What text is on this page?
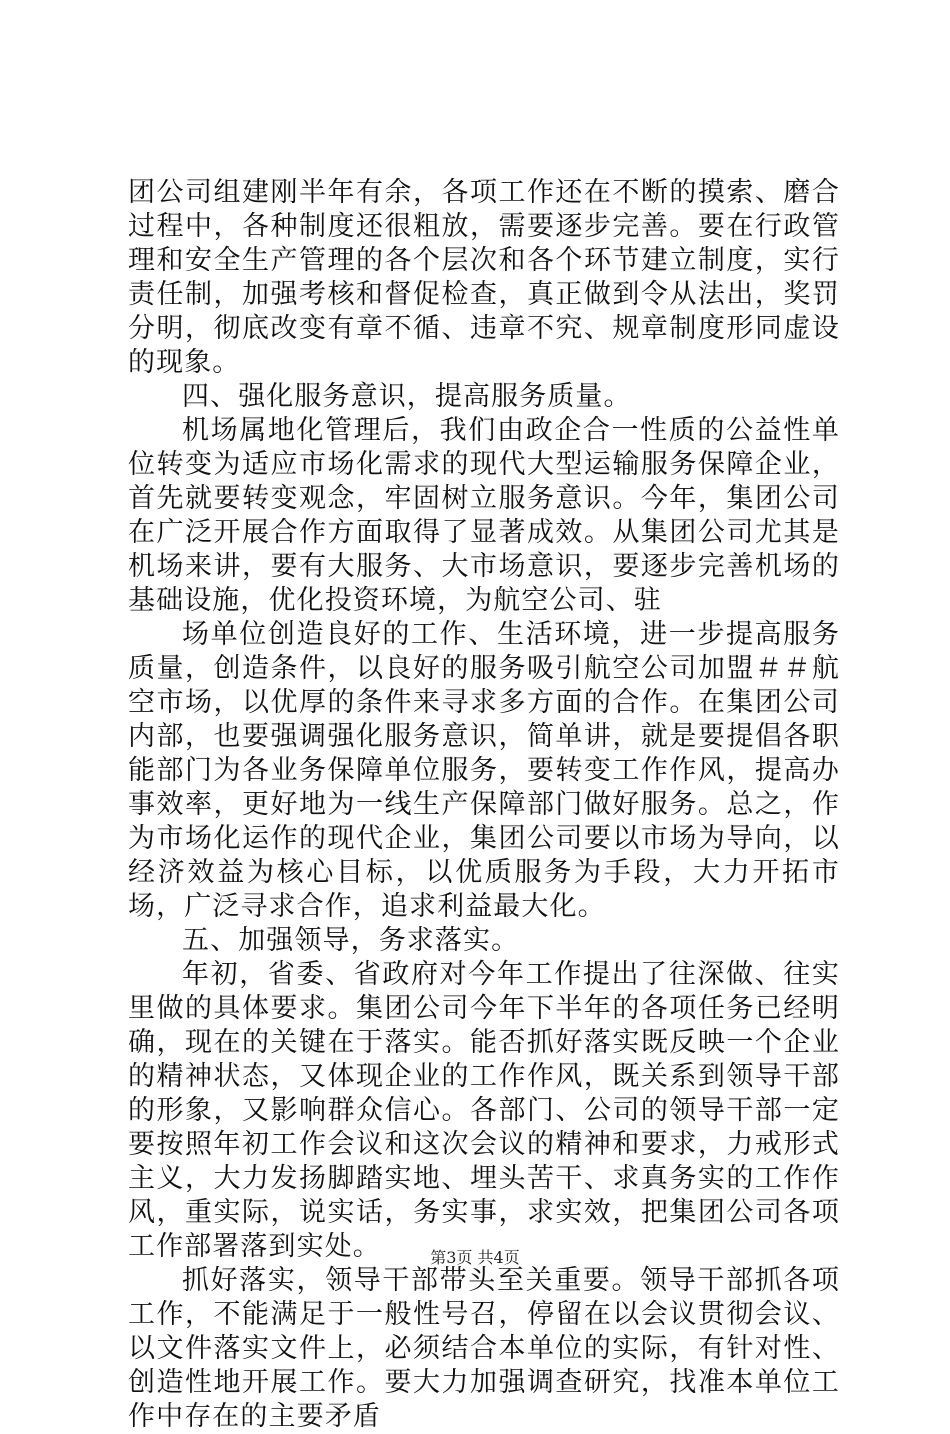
团公司组建刚半年有余，各项工作还在不断的摸索、磨合过程中，各种制度还很粗放，需要逐步完善。要在行政管理和安全生产管理的各个层次和各个环节建立制度，实行责任制，加强考核和督促检查，真正做到令从法出，奖罚分明，彻底改变有章不循、违章不究、规章制度形同虚设的现象。

四、强化服务意识，提高服务质量。

机场属地化管理后，我们由政企合一性质的公益性单位转变为适应市场化需求的现代大型运输服务保障企业，首先就要转变观念，牢固树立服务意识。今年，集团公司在广泛开展合作方面取得了显著成效。从集团公司尤其是机场来讲，要有大服务、大市场意识，要逐步完善机场的基础设施，优化投资环境，为航空公司、驻

场单位创造良好的工作、生活环境，进一步提高服务质量，创造条件，以良好的服务吸引航空公司加盟＃＃航空市场，以优厚的条件来寻求多方面的合作。在集团公司内部，也要强调强化服务意识，简单讲，就是要提倡各职能部门为各业务保障单位服务，要转变工作作风，提高办事效率，更好地为一线生产保障部门做好服务。总之，作为市场化运作的现代企业，集团公司要以市场为导向，以经济效益为核心目标，以优质服务为手段，大力开拓市场，广泛寻求合作，追求利益最大化。

五、加强领导，务求落实。

年初，省委、省政府对今年工作提出了往深做、往实里做的具体要求。集团公司今年下半年的各项任务已经明确，现在的关键在于落实。能否抓好落实既反映一个企业的精神状态，又体现企业的工作作风，既关系到领导干部的形象，又影响群众信心。各部门、公司的领导干部一定要按照年初工作会议和这次会议的精神和要求，力戒形式主义，大力发扬脚踏实地、埋头苦干、求真务实的工作作风，重实际，说实话，务实事，求实效，把集团公司各项工作部署落到实处。

抓好落实，领导干部带头至关重要。领导干部抓各项工作，不能满足于一般性号召，停留在以会议贯彻会议、以文件落实文件上，必须结合本单位的实际，有针对性、创造性地开展工作。要大力加强调查研究，找准本单位工作中存在的主要矛盾

第3页 共4页
